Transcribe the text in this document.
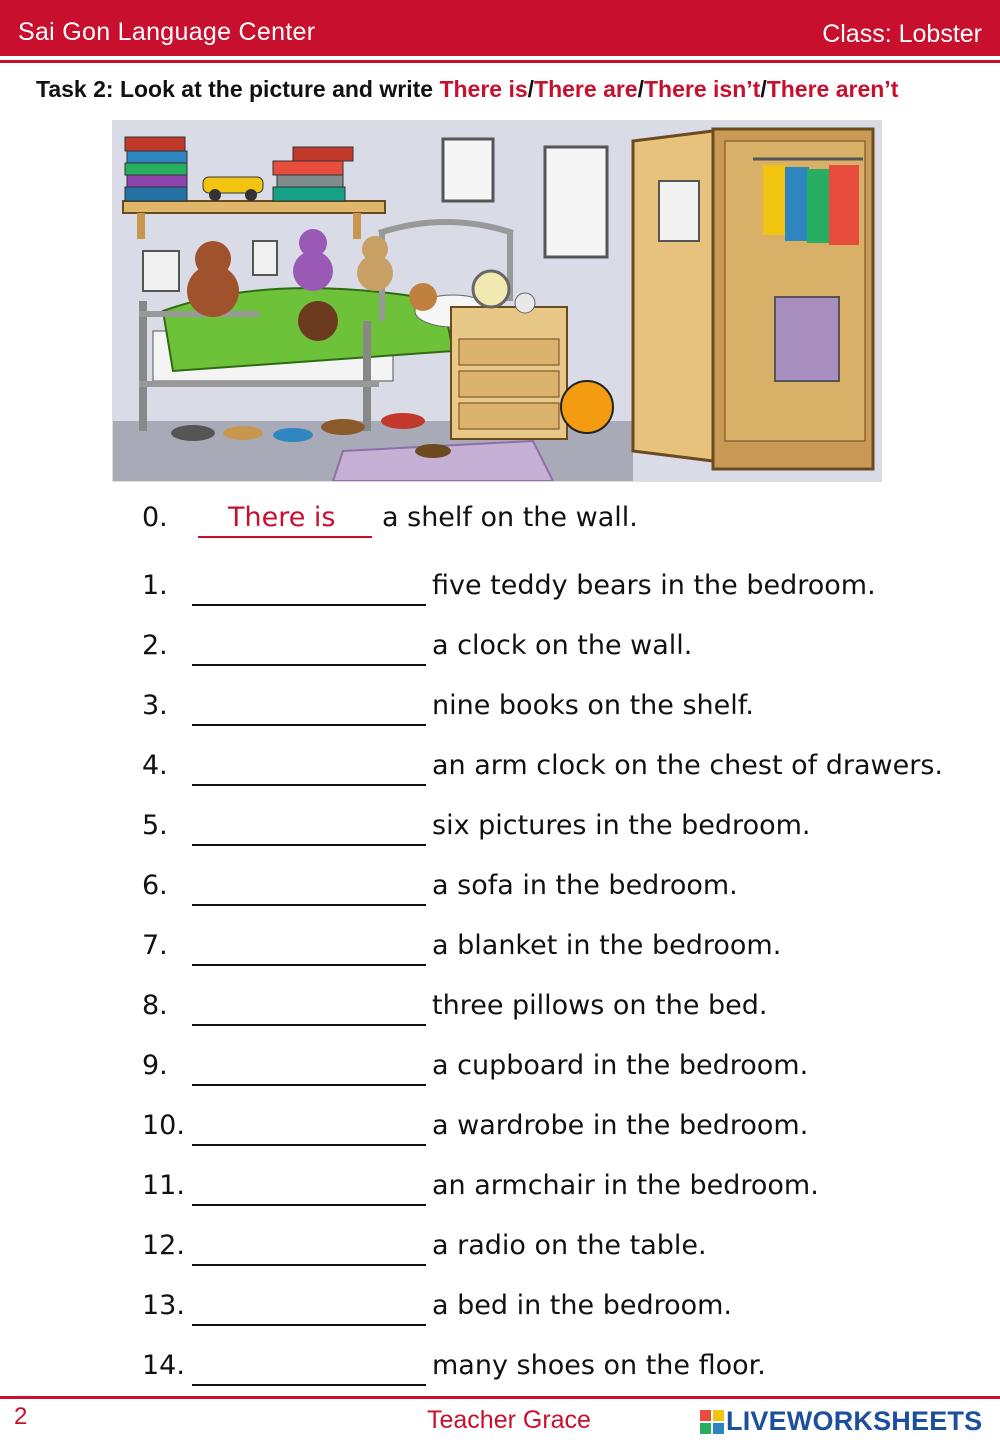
Sai Gon Language Center	Class: Lobster
Task 2: Look at the picture and write There is/There are/There isn’t/There aren’t
0. There is a shelf on the wall.
1.	five teddy bears in the bedroom.
2.	a clock on the wall.
3.	nine books on the shelf.
4.	an arm clock on the chest of drawers.
5.	six pictures in the bedroom.
6.	a sofa in the bedroom.
7.	a blanket in the bedroom.
8.	three pillows on the bed.
9.	a cupboard in the bedroom.
10.	a wardrobe in the bedroom.
11.	an armchair in the bedroom.
12.	a radio on the table.
13.	a bed in the bedroom.
14.	many shoes on the floor.
2	Teacher Grace	LIVEWORKSHEETS
